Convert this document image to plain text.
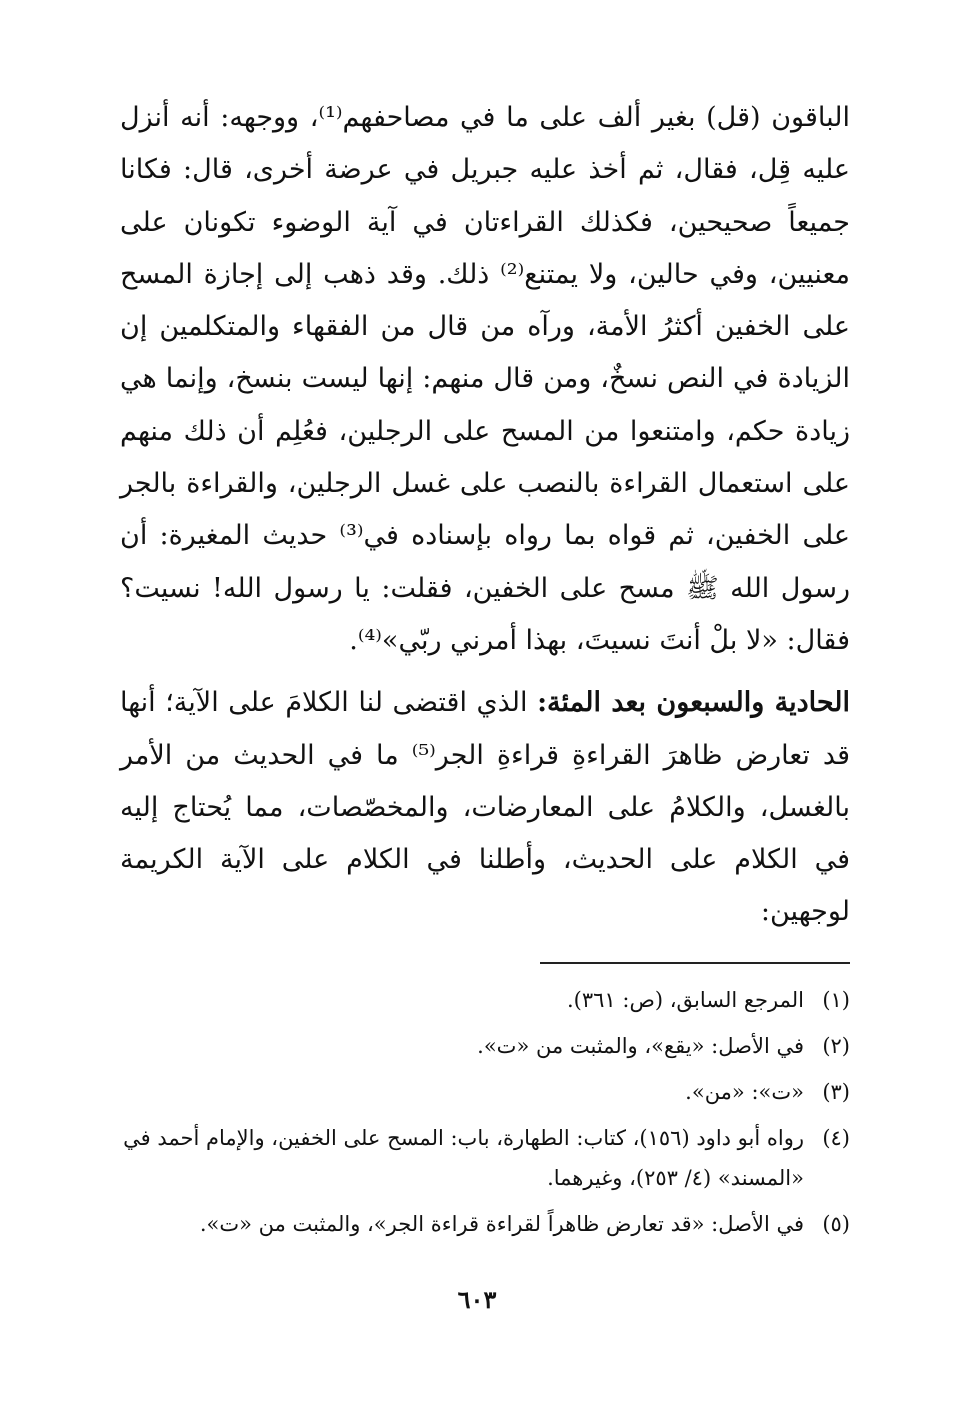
الباقون (قل) بغير ألف على ما في مصاحفهم⁽¹⁾، ووجهه: أنه أنزل عليه قِل، فقال، ثم أخذ عليه جبريل في عرضة أخرى، قال: فكانا جميعاً صحيحين، فكذلك القراءتان في آية الوضوء تكونان على معنيين، وفي حالين، ولا يمتنع⁽²⁾ ذلك. وقد ذهب إلى إجازة المسح على الخفين أكثرُ الأمة، ورآه من قال من الفقهاء والمتكلمين إن الزيادة في النص نسخٌ، ومن قال منهم: إنها ليست بنسخ، وإنما هي زيادة حكم، وامتنعوا من المسح على الرجلين، فعُلِم أن ذلك منهم على استعمال القراءة بالنصب على غسل الرجلين، والقراءة بالجر على الخفين، ثم قواه بما رواه بإسناده في⁽³⁾ حديث المغيرة: أن رسول الله ﷺ مسح على الخفين، فقلت: يا رسول الله! نسيت؟ فقال: «لا بلْ أنتَ نسيتَ، بهذا أمرني ربّي»⁽⁴⁾.

الحادية والسبعون بعد المئة: الذي اقتضى لنا الكلامَ على الآية؛ أنها قد تعارض ظاهرَ القراءةِ قراءةِ الجر⁽⁵⁾ ما في الحديث من الأمر بالغسل، والكلامُ على المعارضات، والمخصّصات، مما يُحتاج إليه في الكلام على الحديث، وأطلنا في الكلام على الآية الكريمة لوجهين:

(١)
المرجع السابق، (ص: ٣٦١).
(٢)
في الأصل: «يقع»، والمثبت من «ت».
(٣)
«ت»: «من».
(٤)
رواه أبو داود (١٥٦)، كتاب: الطهارة، باب: المسح على الخفين، والإمام أحمد في «المسند» (٤/ ٢٥٣)، وغيرهما.
(٥)
في الأصل: «قد تعارض ظاهراً لقراءة قراءة الجر»، والمثبت من «ت».
٦٠٣
